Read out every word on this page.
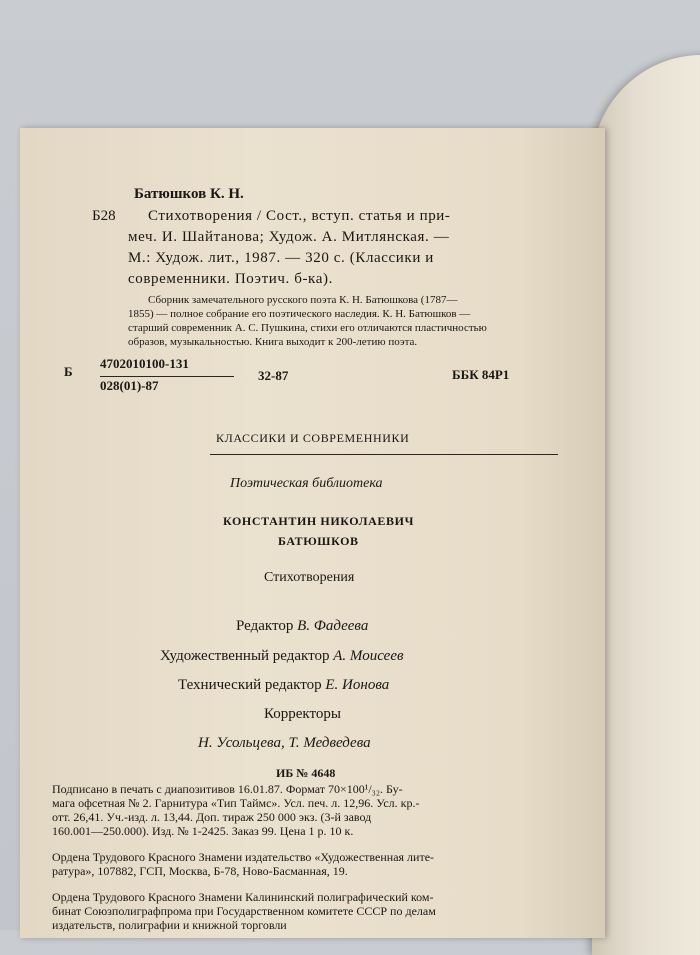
Батюшков К. Н.
Б28 Стихотворения / Сост., вступ. статья и при-
меч. И. Шайтанова; Худож. А. Митлянская. —
М.: Худож. лит., 1987. — 320 с. (Классики и
современники. Поэтич. б-ка).
Сборник замечательного русского поэта К. Н. Батюшкова (1787—
1855) — полное собрание его поэтического наследия. К. Н. Батюшков —
старший современник А. С. Пушкина, стихи его отличаются пластичностью
образов, музыкальностью. Книга выходит к 200-летию поэта.
Б
4702010100-131
028(01)-87
32-87	ББК 84Р1
КЛАССИКИ И СОВРЕМЕННИКИ
Поэтическая библиотека
КОНСТАНТИН НИКОЛАЕВИЧ
БАТЮШКОВ
Стихотворения
Редактор В. Фадеева
Художественный редактор А. Моисеев
Технический редактор Е. Ионова
Корректоры
Н. Усольцева, Т. Медведева
ИБ № 4648
Подписано в печать с диапозитивов 16.01.87. Формат 70×100¹/₃₂. Бу-
мага офсетная № 2. Гарнитура «Тип Таймс». Усл. печ. л. 12,96. Усл. кр.-
отт. 26,41. Уч.-изд. л. 13,44. Доп. тираж 250 000 экз. (3-й завод
160.001—250.000). Изд. № 1-2425. Заказ 99. Цена 1 р. 10 к.
Ордена Трудового Красного Знамени издательство «Художественная лите-
ратура», 107882, ГСП, Москва, Б-78, Ново-Басманная, 19.
Ордена Трудового Красного Знамени Калининский полиграфический ком-
бинат Союзполиграфпрома при Государственном комитете СССР по делам
издательств, полиграфии и книжной торговли
